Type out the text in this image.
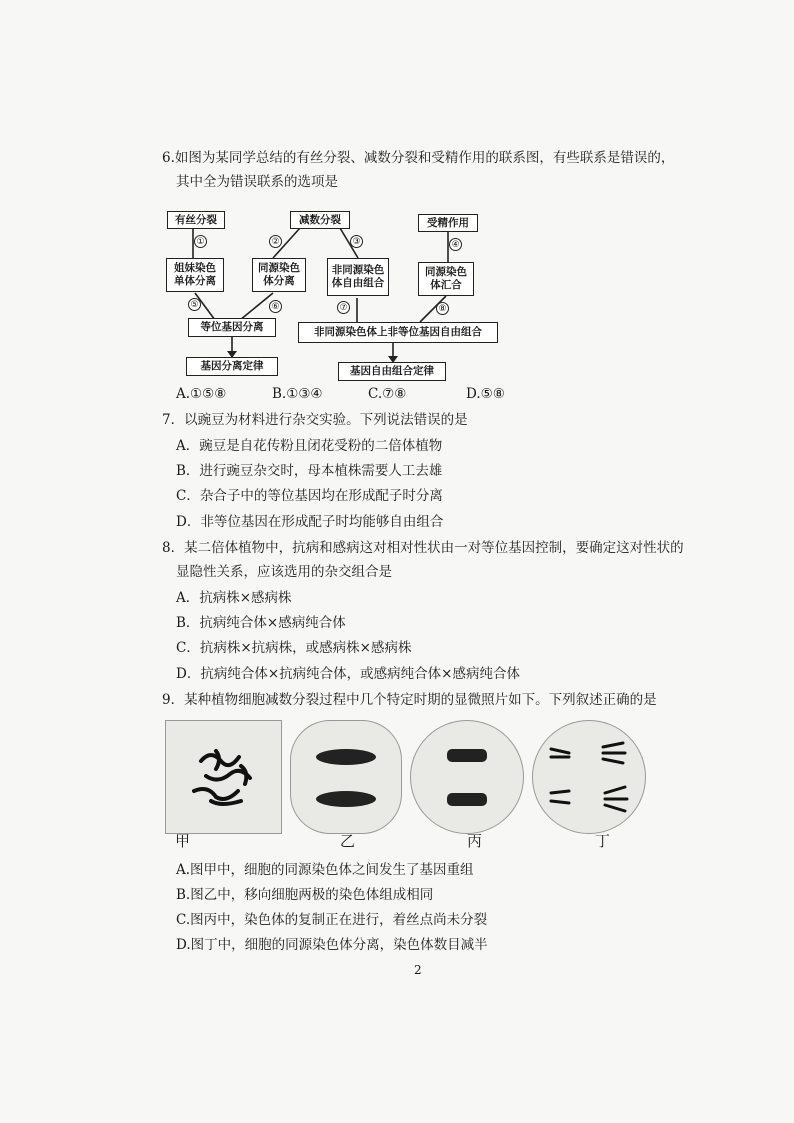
6.如图为某同学总结的有丝分裂、减数分裂和受精作用的联系图，有些联系是错误的，
其中全为错误联系的选项是
有丝分裂	减数分裂	受精作用
姐妹染色单体分离
同源染色体分离
非同源染色体自由组合
同源染色体汇合
等位基因分离	非同源染色体上非等位基因自由组合
基因分离定律	基因自由组合定律
①	②	③	④
⑤	⑥	⑦	⑧
A.①⑤⑧	B.①③④	C.⑦⑧	D.⑤⑧
7．以豌豆为材料进行杂交实验。下列说法错误的是
A．豌豆是自花传粉且闭花受粉的二倍体植物
B．进行豌豆杂交时，母本植株需要人工去雄
C．杂合子中的等位基因均在形成配子时分离
D．非等位基因在形成配子时均能够自由组合
8．某二倍体植物中，抗病和感病这对相对性状由一对等位基因控制，要确定这对性状的
显隐性关系，应该选用的杂交组合是
A．抗病株×感病株
B．抗病纯合体×感病纯合体
C．抗病株×抗病株，或感病株×感病株
D．抗病纯合体×抗病纯合体，或感病纯合体×感病纯合体
9．某种植物细胞减数分裂过程中几个特定时期的显微照片如下。下列叙述正确的是
甲	乙	丙	丁
A.图甲中，细胞的同源染色体之间发生了基因重组
B.图乙中，移向细胞两极的染色体组成相同
C.图丙中，染色体的复制正在进行，着丝点尚未分裂
D.图丁中，细胞的同源染色体分离，染色体数目减半
2
